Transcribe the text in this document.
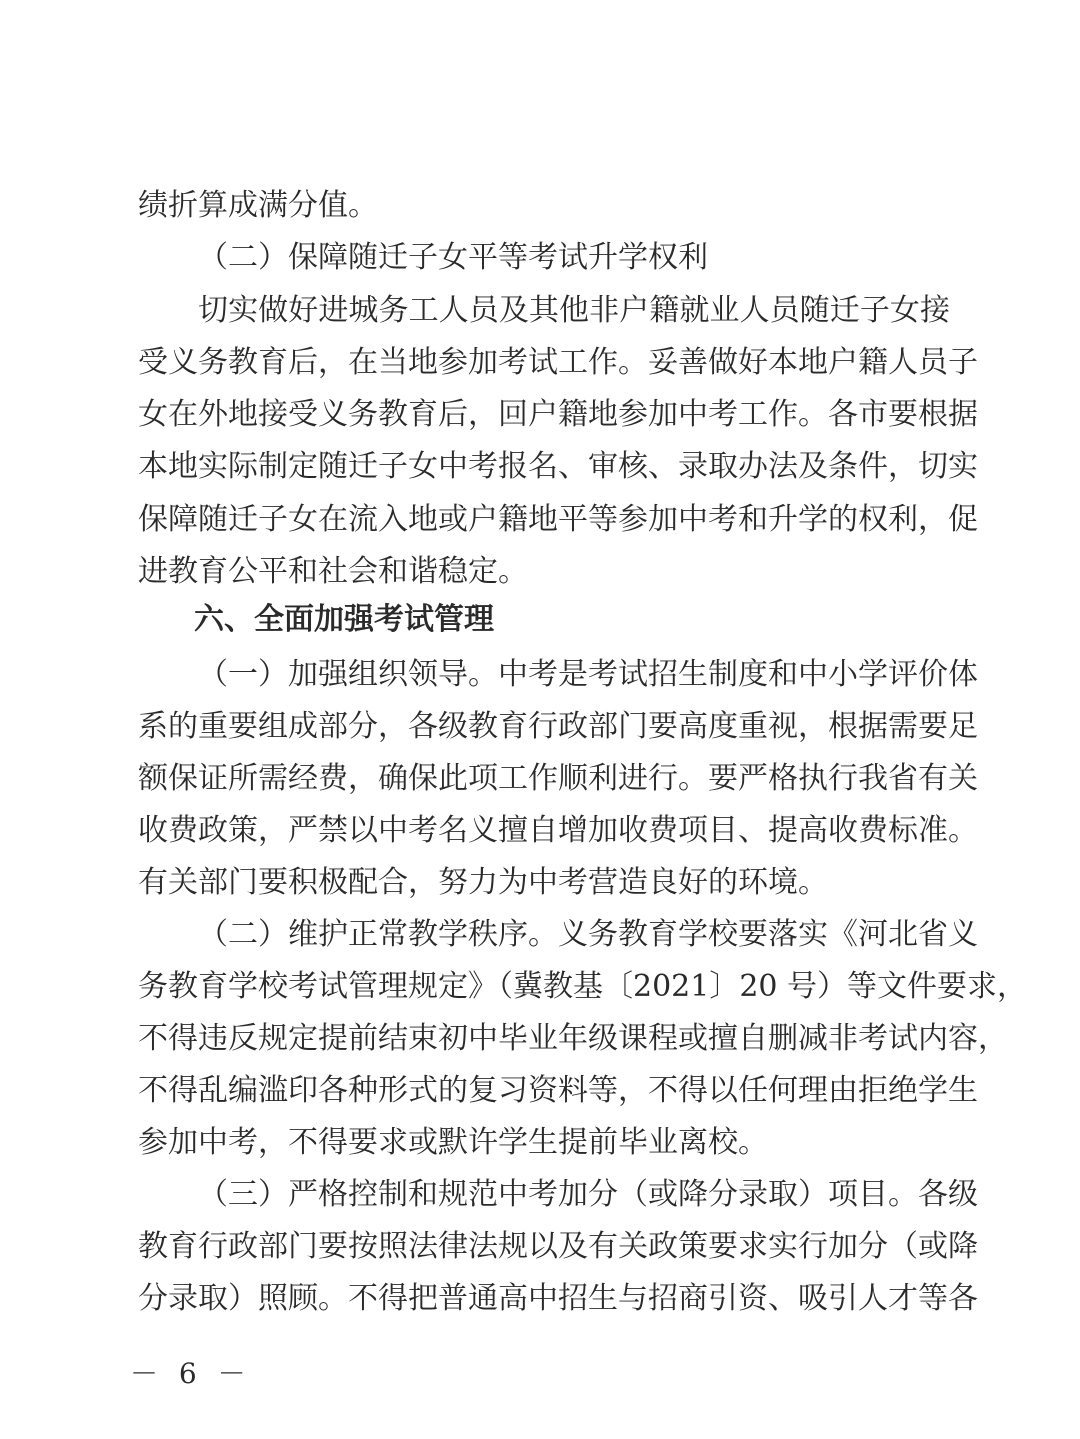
绩折算成满分值。
（二）保障随迁子女平等考试升学权利
切实做好进城务工人员及其他非户籍就业人员随迁子女接
受义务教育后，在当地参加考试工作。妥善做好本地户籍人员子
女在外地接受义务教育后，回户籍地参加中考工作。各市要根据
本地实际制定随迁子女中考报名、审核、录取办法及条件，切实
保障随迁子女在流入地或户籍地平等参加中考和升学的权利，促
进教育公平和社会和谐稳定。
六、全面加强考试管理
（一）加强组织领导。中考是考试招生制度和中小学评价体
系的重要组成部分，各级教育行政部门要高度重视，根据需要足
额保证所需经费，确保此项工作顺利进行。要严格执行我省有关
收费政策，严禁以中考名义擅自增加收费项目、提高收费标准。
有关部门要积极配合，努力为中考营造良好的环境。
（二）维护正常教学秩序。义务教育学校要落实《河北省义
务教育学校考试管理规定》（冀教基〔2021〕20 号）等文件要求，
不得违反规定提前结束初中毕业年级课程或擅自删减非考试内容，
不得乱编滥印各种形式的复习资料等，不得以任何理由拒绝学生
参加中考，不得要求或默许学生提前毕业离校。
（三）严格控制和规范中考加分（或降分录取）项目。各级
教育行政部门要按照法律法规以及有关政策要求实行加分（或降
分录取）照顾。不得把普通高中招生与招商引资、吸引人才等各
－ 6 －
